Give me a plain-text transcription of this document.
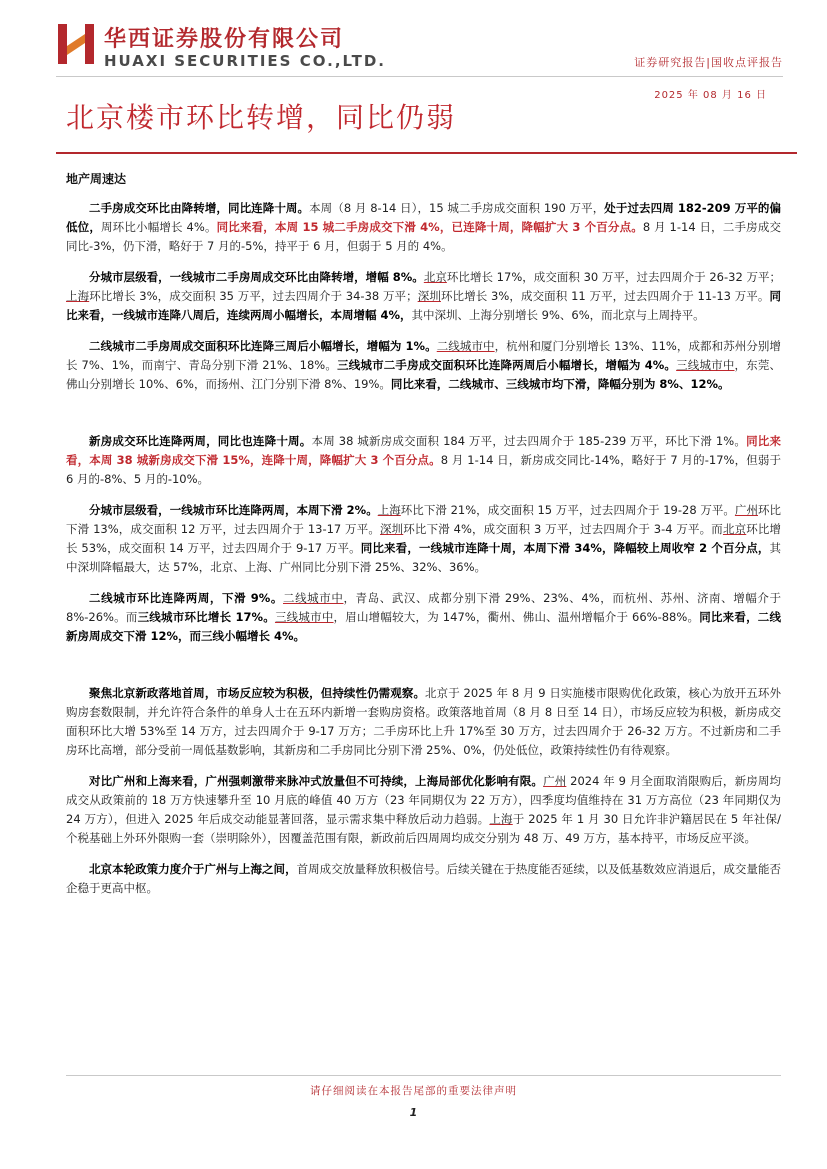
华西证券股份有限公司
HUAXI SECURITIES CO.,LTD.	证券研究报告|国收点评报告
2025 年 08 月 16 日
北京楼市环比转增，同比仍弱
地产周速达

二手房成交环比由降转增，同比连降十周。本周（8 月 8-14 日），15 城二手房成交面积 190 万平，处于过去四周 182-209 万平的偏低位，周环比小幅增长 4%。同比来看，本周 15 城二手房成交下滑 4%，已连降十周，降幅扩大 3 个百分点。8 月 1-14 日，二手房成交同比-3%，仍下滑，略好于 7 月的-5%，持平于 6 月，但弱于 5 月的 4%。

分城市层级看，一线城市二手房周成交环比由降转增，增幅 8%。北京环比增长 17%，成交面积 30 万平，过去四周介于 26-32 万平；上海环比增长 3%，成交面积 35 万平，过去四周介于 34-38 万平；深圳环比增长 3%，成交面积 11 万平，过去四周介于 11-13 万平。同比来看，一线城市连降八周后，连续两周小幅增长，本周增幅 4%，其中深圳、上海分别增长 9%、6%，而北京与上周持平。

二线城市二手房周成交面积环比连降三周后小幅增长，增幅为 1%。二线城市中，杭州和厦门分别增长 13%、11%，成都和苏州分别增长 7%、1%，而南宁、青岛分别下滑 21%、18%。三线城市二手房成交面积环比连降两周后小幅增长，增幅为 4%。三线城市中，东莞、佛山分别增长 10%、6%，而扬州、江门分别下滑 8%、19%。同比来看，二线城市、三线城市均下滑，降幅分别为 8%、12%。

新房成交环比连降两周，同比也连降十周。本周 38 城新房成交面积 184 万平，过去四周介于 185-239 万平，环比下滑 1%。同比来看，本周 38 城新房成交下滑 15%，连降十周，降幅扩大 3 个百分点。8 月 1-14 日，新房成交同比-14%，略好于 7 月的-17%，但弱于 6 月的-8%、5 月的-10%。

分城市层级看，一线城市环比连降两周，本周下滑 2%。上海环比下滑 21%，成交面积 15 万平，过去四周介于 19-28 万平。广州环比下滑 13%，成交面积 12 万平，过去四周介于 13-17 万平。深圳环比下滑 4%，成交面积 3 万平，过去四周介于 3-4 万平。而北京环比增长 53%，成交面积 14 万平，过去四周介于 9-17 万平。同比来看，一线城市连降十周，本周下滑 34%，降幅较上周收窄 2 个百分点，其中深圳降幅最大，达 57%，北京、上海、广州同比分别下滑 25%、32%、36%。

二线城市环比连降两周，下滑 9%。二线城市中，青岛、武汉、成都分别下滑 29%、23%、4%，而杭州、苏州、济南、增幅介于 8%-26%。而三线城市环比增长 17%。三线城市中，眉山增幅较大，为 147%，衢州、佛山、温州增幅介于 66%-88%。同比来看，二线新房周成交下滑 12%，而三线小幅增长 4%。

聚焦北京新政落地首周，市场反应较为积极，但持续性仍需观察。北京于 2025 年 8 月 9 日实施楼市限购优化政策，核心为放开五环外购房套数限制，并允许符合条件的单身人士在五环内新增一套购房资格。政策落地首周（8 月 8 日至 14 日），市场反应较为积极，新房成交面积环比大增 53%至 14 万方，过去四周介于 9-17 万方；二手房环比上升 17%至 30 万方，过去四周介于 26-32 万方。不过新房和二手房环比高增，部分受前一周低基数影响，其新房和二手房同比分别下滑 25%、0%，仍处低位，政策持续性仍有待观察。

对比广州和上海来看，广州强刺激带来脉冲式放量但不可持续，上海局部优化影响有限。广州 2024 年 9 月全面取消限购后，新房周均成交从政策前的 18 万方快速攀升至 10 月底的峰值 40 万方（23 年同期仅为 22 万方），四季度均值维持在 31 万方高位（23 年同期仅为 24 万方），但进入 2025 年后成交动能显著回落，显示需求集中释放后动力趋弱。上海于 2025 年 1 月 30 日允许非沪籍居民在 5 年社保/个税基础上外环外限购一套（崇明除外），因覆盖范围有限，新政前后四周周均成交分别为 48 万、49 万方，基本持平，市场反应平淡。

北京本轮政策力度介于广州与上海之间，首周成交放量释放积极信号。后续关键在于热度能否延续，以及低基数效应消退后，成交量能否企稳于更高中枢。

请仔细阅读在本报告尾部的重要法律声明
1
